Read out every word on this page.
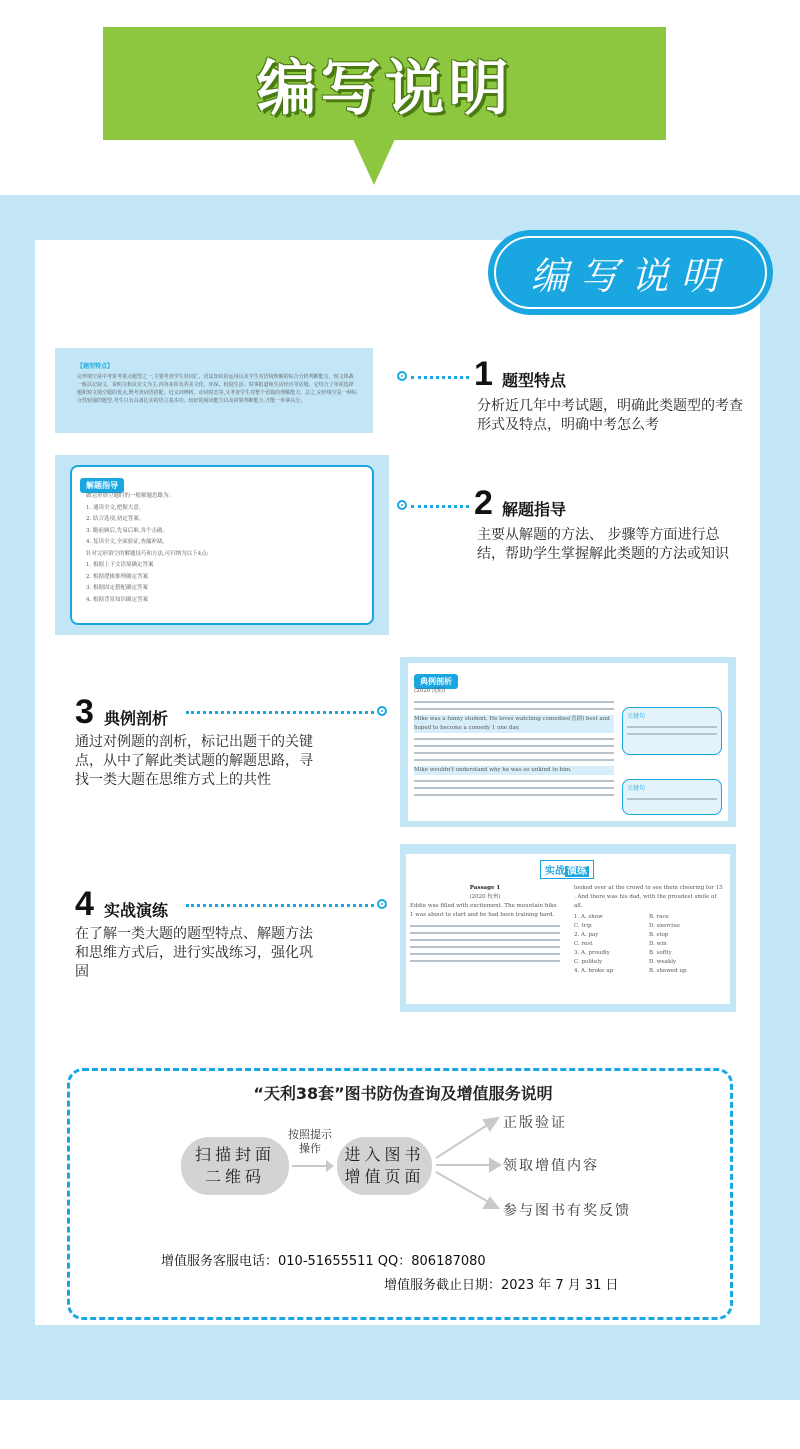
编写说明
编写说明
【题型特点】
完形填空是中考常考重点题型之一,主要考查学生对词汇、语法知识的运用以及学生对语境理解的综合分析判断能力。短文体裁一般以记叙文、说明文和议论文为主,内容多涉及英美文化、环保、校园生活、时事报道和生活经历等话题。它结合了单项选择题和短文填空题的优点,既考查词语搭配、近义词辨析、动词时态等,又考查学生对整个语篇的理解能力。总之,完形填空是一种综合性较强的题型,考生只有具备扎实的语言基本功、较好的阅读能力以及同领判断能力,才能一举拿高分。
解题指导
做完形填空题时的一般解题思路为:
1. 通读全文,把握大意。
2. 结合选项,初定答案。
3. 瞻前顾后,先易后难,各个击破。
4. 复读全文,全面验证,查漏补缺。
针对完形填空的解题技巧和方法,可归纳为以下4点:
1. 根据上下文语境确定答案
2. 根据逻辑推理确定答案
3. 根据固定搭配确定答案
4. 根据背景知识确定答案
典例剖析
(2020 沈阳)
Mike was a funny student. He loves watching comedies(喜剧) best and hoped to become a comedy 1 one day.
Mike wouldn't understand why he was so unkind to him.
关键句
关键句
实战 演练
Passage 1
(2020 杭州)
Eddie was filled with excitement. The mountain bike 1 was about to start and he had been training hard.
looked over at the crowd to see them cheering for 15 . And there was his dad, with the proudest smile of all.
1. A. show	B. race
C. trip	D. exercise
2. A. pay	B. stop
C. rest	D. win
3. A. proudly	B. softly
C. politely	D. weakly
4. A. broke up	B. showed up
1 题型特点
分析近几年中考试题，明确此类题型的考查形式及特点，明确中考怎么考
2 解题指导
主要从解题的方法、 步骤等方面进行总结，帮助学生掌握解此类题的方法或知识
3 典例剖析
通过对例题的剖析，标记出题干的关键点，从中了解此类试题的解题思路，寻找一类大题在思维方式上的共性
4 实战演练
在了解一类大题的题型特点、解题方法和思维方式后，进行实战练习，强化巩固
“天利38套”图书防伪查询及增值服务说明
扫描封面
二维码
按照提示
操作	进入图书
增值页面
正版验证
领取增值内容
参与图书有奖反馈
增值服务客服电话：010-51655511 QQ：806187080
增值服务截止日期：2023 年 7 月 31 日
